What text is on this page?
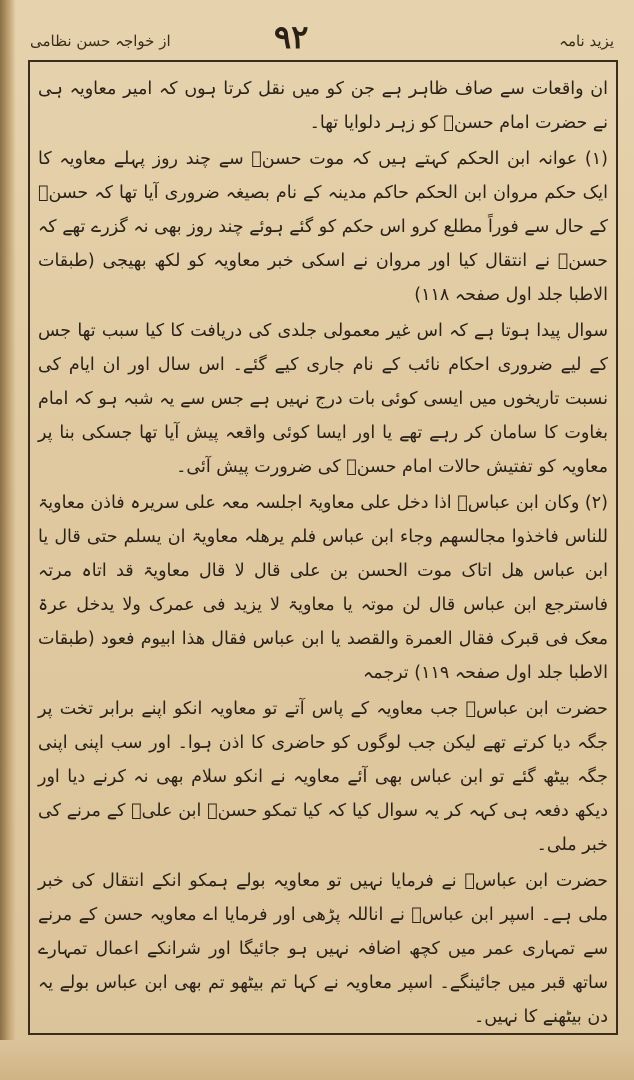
یزید نامہ
۹۲
از خواجہ حسن نظامی

ان واقعات سے صاف ظاہر ہے جن کو میں نقل کرتا ہوں کہ امیر معاویہ ہی نے حضرت امام حسنؓ کو زہر دلوایا تھا۔

(۱) عوانہ ابن الحکم کہتے ہیں کہ موت حسنؓ سے چند روز پہلے معاویہ کا ایک حکم مروان ابن الحکم حاکم مدینہ کے نام بصیغہ ضروری آیا تھا کہ حسنؓ کے حال سے فوراً مطلع کرو اس حکم کو گئے ہوئے چند روز بھی نہ گزرے تھے کہ حسنؓ نے انتقال کیا اور مروان نے اسکی خبر معاویہ کو لکھ بھیجی (طبقات الاطبا جلد اول صفحہ ۱۱۸)

سوال پیدا ہوتا ہے کہ اس غیر معمولی جلدی کی دریافت کا کیا سبب تھا جس کے لیے ضروری احکام نائب کے نام جاری کیے گئے۔ اس سال اور ان ایام کی نسبت تاریخوں میں ایسی کوئی بات درج نہیں ہے جس سے یہ شبہ ہو کہ امام بغاوت کا سامان کر رہے تھے یا اور ایسا کوئی واقعہ پیش آیا تھا جسکی بنا پر معاویہ کو تفتیش حالات امام حسنؓ کی ضرورت پیش آئی۔

(۲) وکان ابن عباسؓ اذا دخل علی معاویۃ اجلسہ معہ علی سریرہ فاذن معاویۃ للناس فاخذوا مجالسھم وجاء ابن عباس فلم یرھلہ معاویۃ ان یسلم حتی قال یا ابن عباس ھل اتاک موت الحسن بن علی قال لا قال معاویۃ قد اتاہ مرتہ فاسترجع ابن عباس قال لن موتہ یا معاویۃ لا یزید فی عمرک ولا یدخل عرۃ معک فی قبرک فقال العمرة والقصد یا ابن عباس فقال ھذا ابیوم فعود (طبقات الاطبا جلد اول صفحہ ۱۱۹) ترجمہ

حضرت ابن عباسؓ جب معاویہ کے پاس آتے تو معاویہ انکو اپنے برابر تخت پر جگہ دیا کرتے تھے لیکن جب لوگوں کو حاضری کا اذن ہوا۔ اور سب اپنی اپنی جگہ بیٹھ گئے تو ابن عباس بھی آئے معاویہ نے انکو سلام بھی نہ کرنے دیا اور دیکھ دفعہ ہی کہہ کر یہ سوال کیا کہ کیا تمکو حسنؓ ابن علیؓ کے مرنے کی خبر ملی۔

حضرت ابن عباسؓ نے فرمایا نہیں تو معاویہ بولے ہمکو انکے انتقال کی خبر ملی ہے۔ اسپر ابن عباسؓ نے اناللہ پڑھی اور فرمایا اے معاویہ حسن کے مرنے سے تمہاری عمر میں کچھ اضافہ نہیں ہو جائیگا اور شرانکے اعمال تمہارے ساتھ قبر میں جائینگے۔ اسپر معاویہ نے کہا تم بیٹھو تم بھی ابن عباس بولے یہ دن بیٹھنے کا نہیں۔
